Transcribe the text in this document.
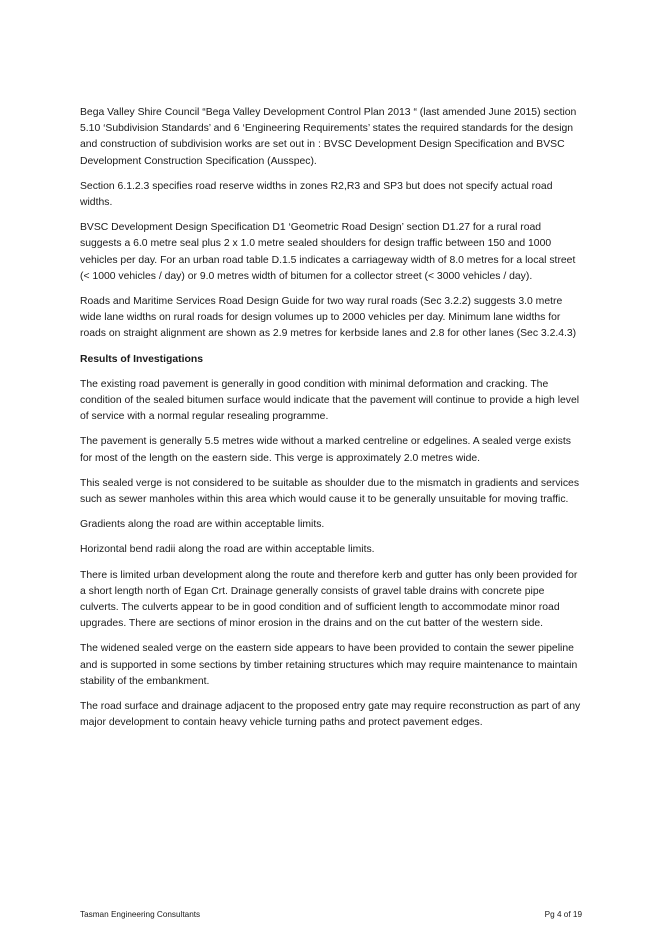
Bega Valley Shire Council “Bega Valley Development Control Plan 2013 “ (last amended June 2015) section 5.10 ‘Subdivision Standards’ and 6 ‘Engineering Requirements’ states the required standards for the design and construction of subdivision works are set out in : BVSC Development Design Specification and BVSC Development Construction Specification (Ausspec).

Section 6.1.2.3 specifies road reserve widths in zones R2,R3 and SP3 but does not specify actual road widths.

BVSC Development Design Specification D1 ‘Geometric Road Design’ section D1.27 for a rural road suggests a 6.0 metre seal plus 2 x 1.0 metre sealed shoulders for design traffic between 150 and 1000 vehicles per day. For an urban road table D.1.5 indicates a carriageway width of 8.0 metres for a local street (< 1000 vehicles / day) or 9.0 metres width of bitumen for a collector street (< 3000 vehicles / day).

Roads and Maritime Services Road Design Guide for two way rural roads (Sec 3.2.2) suggests 3.0 metre wide lane widths on rural roads for design volumes up to 2000 vehicles per day. Minimum lane widths for roads on straight alignment are shown as 2.9 metres for kerbside lanes and 2.8 for other lanes (Sec 3.2.4.3)

Results of Investigations

The existing road pavement is generally in good condition with minimal deformation and cracking. The condition of the sealed bitumen surface would indicate that the pavement will continue to provide a high level of service with a normal regular resealing programme.

The pavement is generally 5.5 metres wide without a marked centreline or edgelines. A sealed verge exists for most of the length on the eastern side. This verge is approximately 2.0 metres wide.

This sealed verge is not considered to be suitable as shoulder due to the mismatch in gradients and services such as sewer manholes within this area which would cause it to be generally unsuitable for moving traffic.

Gradients along the road are within acceptable limits.

Horizontal bend radii along the road are within acceptable limits.

There is limited urban development along the route and therefore kerb and gutter has only been provided for a short length north of Egan Crt. Drainage generally consists of gravel table drains with concrete pipe culverts. The culverts appear to be in good condition and of sufficient length to accommodate minor road upgrades. There are sections of minor erosion in the drains and on the cut batter of the western side.

The widened sealed verge on the eastern side appears to have been provided to contain the sewer pipeline and is supported in some sections by timber retaining structures which may require maintenance to maintain stability of the embankment.

The road surface and drainage adjacent to the proposed entry gate may require reconstruction as part of any major development to contain heavy vehicle turning paths and protect pavement edges.

Tasman Engineering Consultants	Pg 4 of 19
